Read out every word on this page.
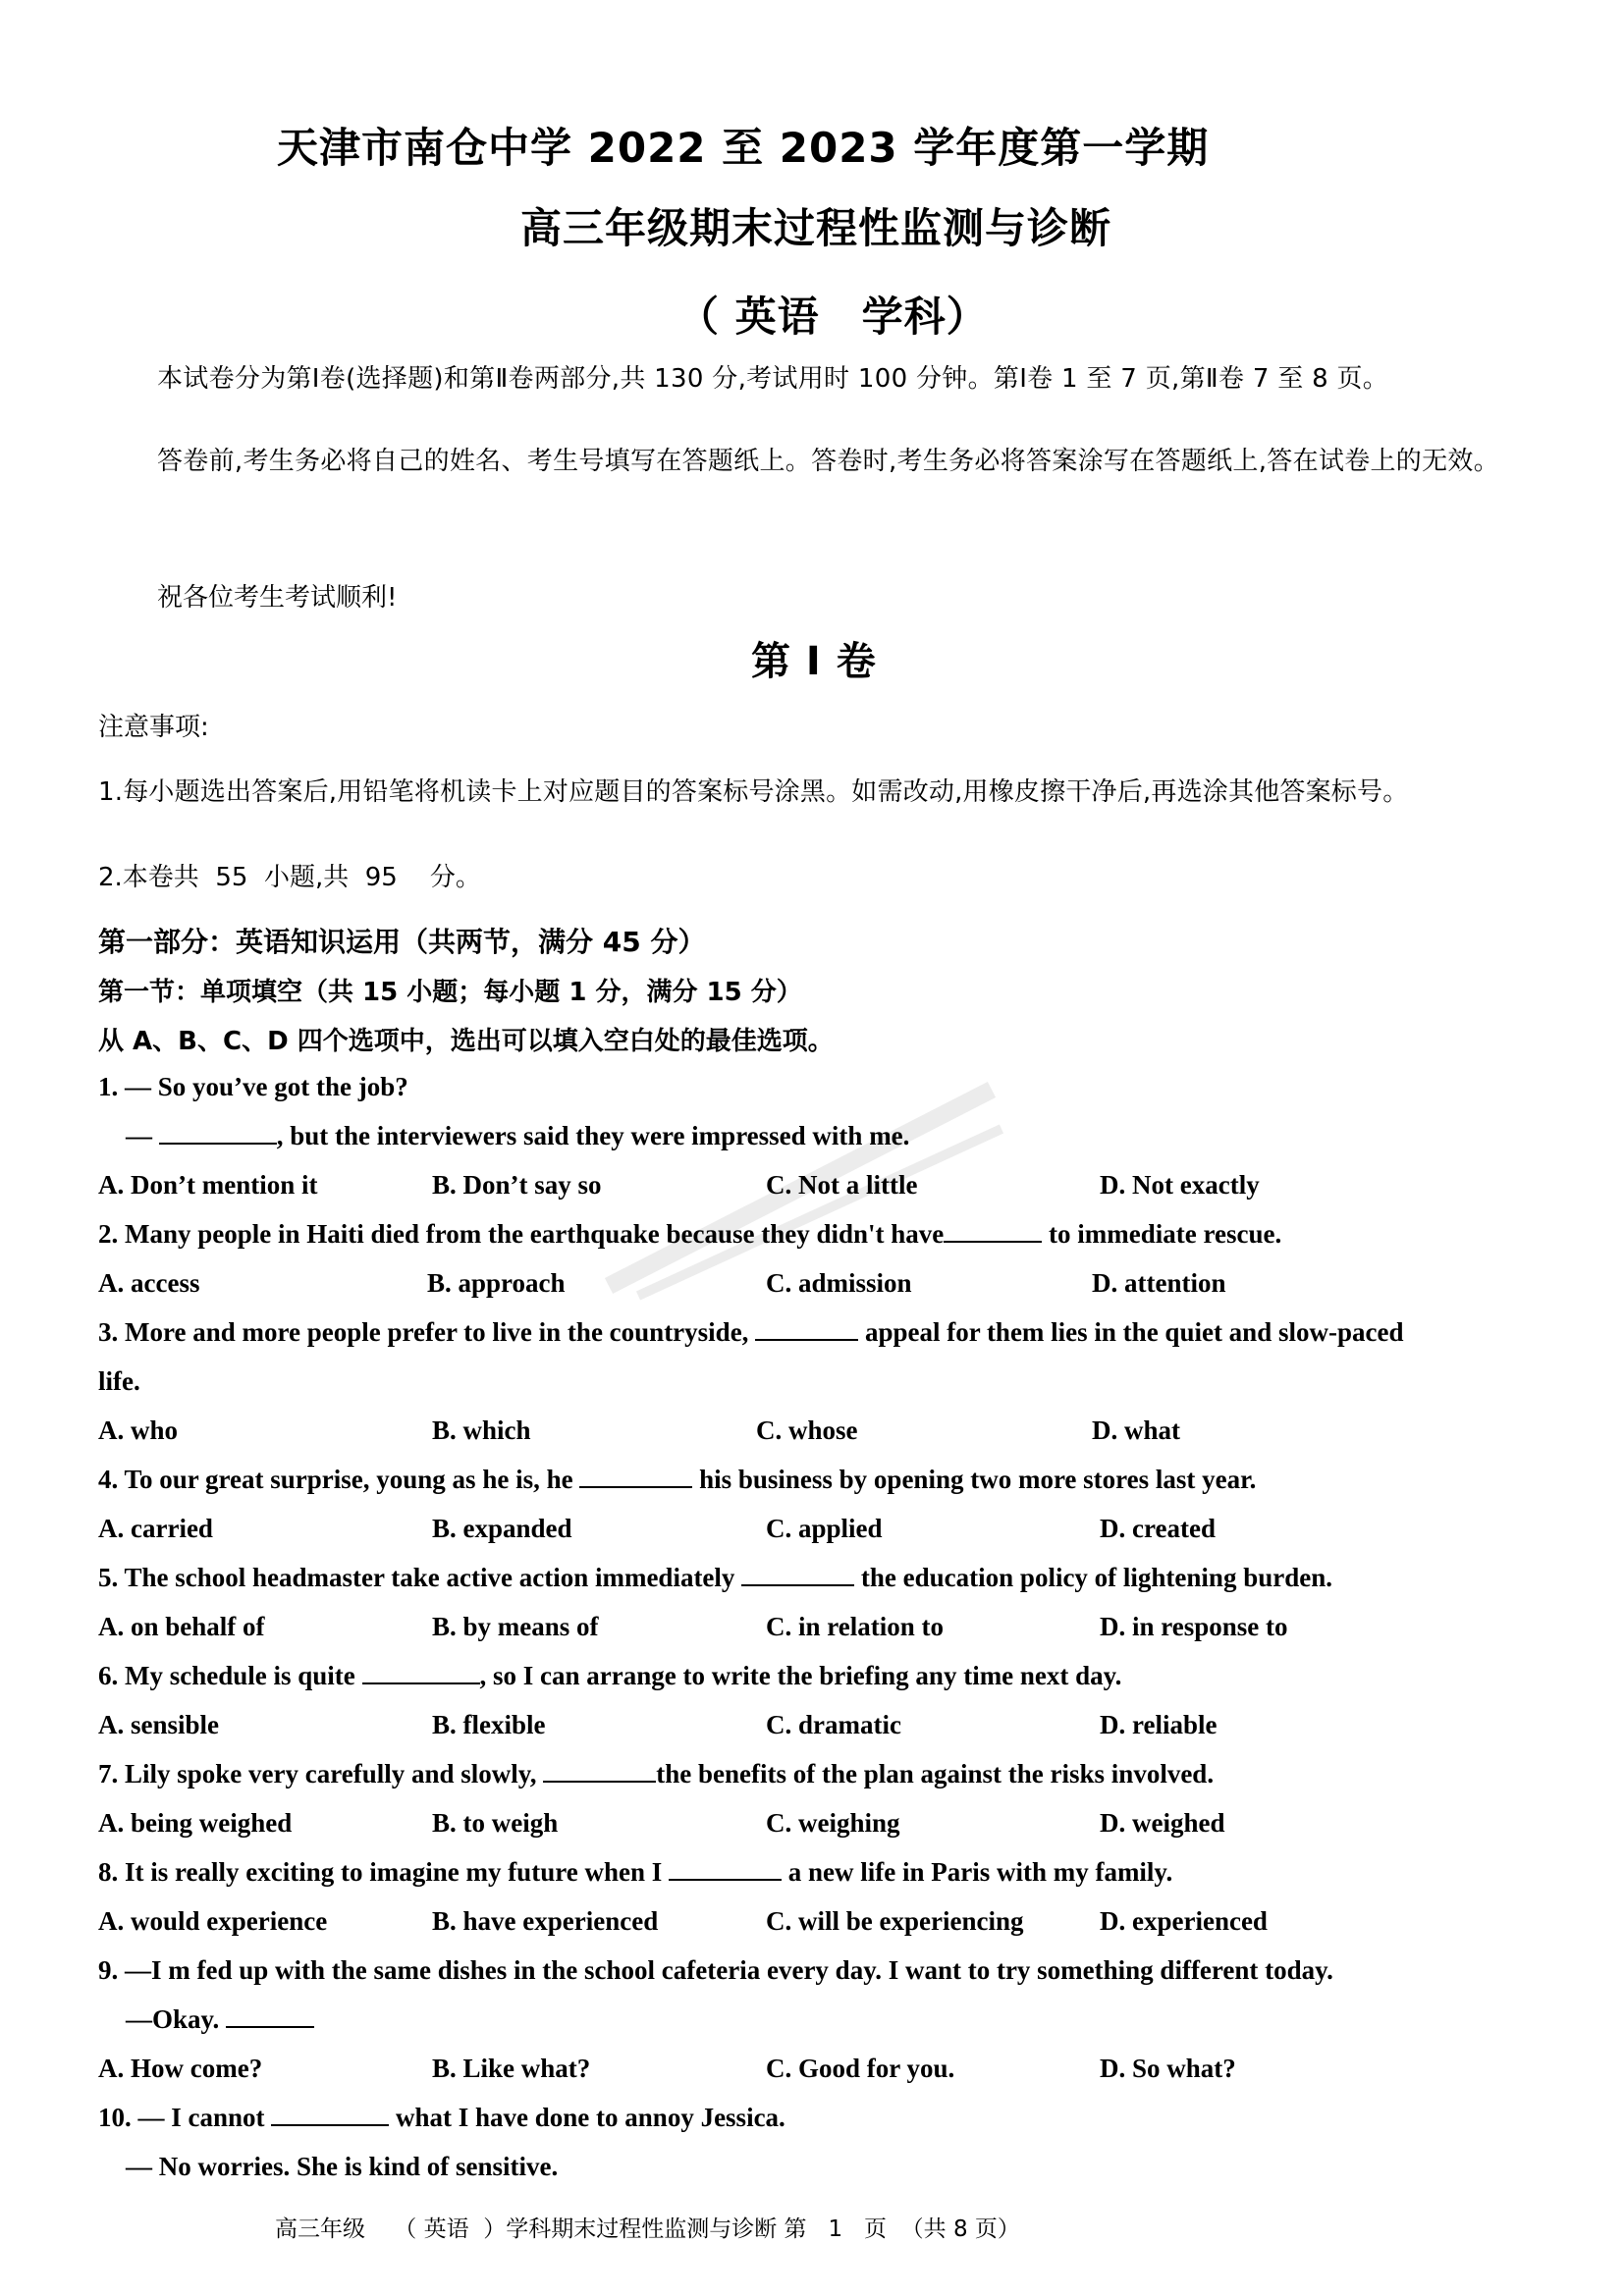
天津市南仓中学 2022 至 2023 学年度第一学期
高三年级期末过程性监测与诊断
（ 英语　学科）
本试卷分为第Ⅰ卷(选择题)和第Ⅱ卷两部分,共 130 分,考试用时 100 分钟。第Ⅰ卷 1 至 7 页,第Ⅱ卷 7 至 8 页。
答卷前,考生务必将自己的姓名、考生号填写在答题纸上。答卷时,考生务必将答案涂写在答题纸上,答在试卷上的无效。
祝各位考生考试顺利!
第 Ⅰ 卷
注意事项:
1.每小题选出答案后,用铅笔将机读卡上对应题目的答案标号涂黑。如需改动,用橡皮擦干净后,再选涂其他答案标号。
2.本卷共  55  小题,共  95    分。
第一部分：英语知识运用（共两节，满分 45 分）
第一节：单项填空（共 15 小题；每小题 1 分，满分 15 分）
从 A、B、C、D 四个选项中，选出可以填入空白处的最佳选项。
1. — So you’ve got the job?
—	, but the interviewers said they were impressed with me.
A. Don’t mention it	B. Don’t say so	C. Not a little	D. Not exactly
2. Many people in Haiti died from the earthquake because they didn't have	to immediate rescue.
A. access	B. approach	C. admission	D. attention
3. More and more people prefer to live in the countryside,	appeal for them lies in the quiet and slow-paced
life.
A. who	B. which	C. whose	D. what
4. To our great surprise, young as he is, he	his business by opening two more stores last year.
A. carried	B. expanded	C. applied	D. created
5. The school headmaster take active action immediately	the education policy of lightening burden.
A. on behalf of	B. by means of	C. in relation to	D. in response to
6. My schedule is quite	, so I can arrange to write the briefing any time next day.
A. sensible	B. flexible	C. dramatic	D. reliable
7. Lily spoke very carefully and slowly,	the benefits of the plan against the risks involved.
A. being weighed	B. to weigh	C. weighing	D. weighed
8. It is really exciting to imagine my future when I	a new life in Paris with my family.
A. would experience	B. have experienced	C. will be experiencing	D. experienced
9. —I m fed up with the same dishes in the school cafeteria every day. I want to try something different today.
—Okay.
A. How come?	B. Like what?	C. Good for you.	D. So what?
10. — I cannot	what I have done to annoy Jessica.
— No worries. She is kind of sensitive.
高三年级 （ 英语 ）学科期末过程性监测与诊断 第 1 页 （共 8 页）
